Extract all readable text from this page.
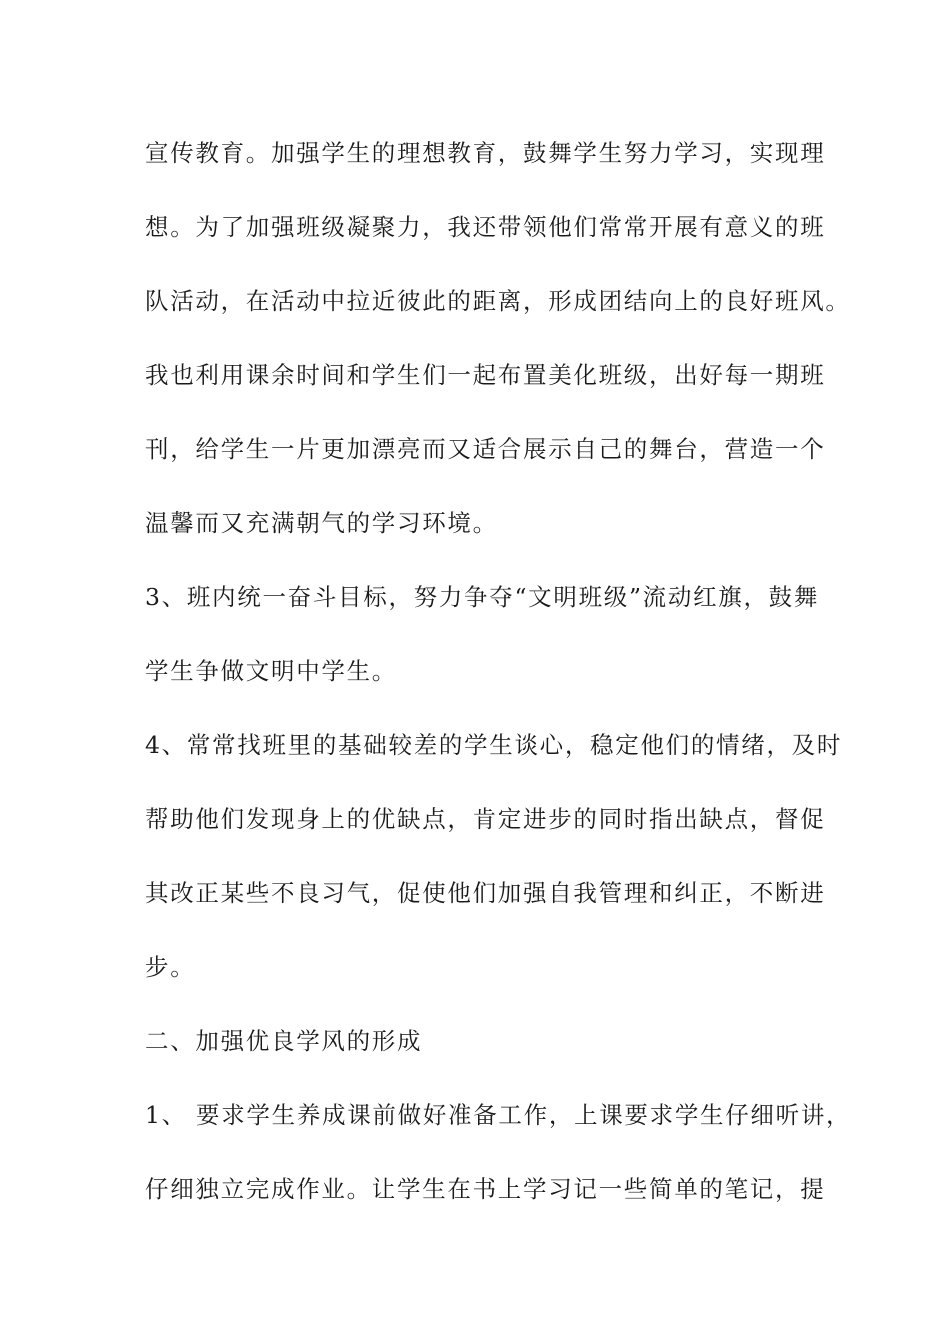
宣传教育。加强学生的理想教育，鼓舞学生努力学习，实现理
想。为了加强班级凝聚力，我还带领他们常常开展有意义的班
队活动，在活动中拉近彼此的距离，形成团结向上的良好班风。
我也利用课余时间和学生们一起布置美化班级，出好每一期班
刊，给学生一片更加漂亮而又适合展示自己的舞台，营造一个
温馨而又充满朝气的学习环境。
3、班内统一奋斗目标，努力争夺“文明班级”流动红旗，鼓舞
学生争做文明中学生。
4、常常找班里的基础较差的学生谈心，稳定他们的情绪，及时
帮助他们发现身上的优缺点，肯定进步的同时指出缺点，督促
其改正某些不良习气，促使他们加强自我管理和纠正，不断进
步。
二、加强优良学风的形成
1、 要求学生养成课前做好准备工作，上课要求学生仔细听讲，
仔细独立完成作业。让学生在书上学习记一些简单的笔记，提
